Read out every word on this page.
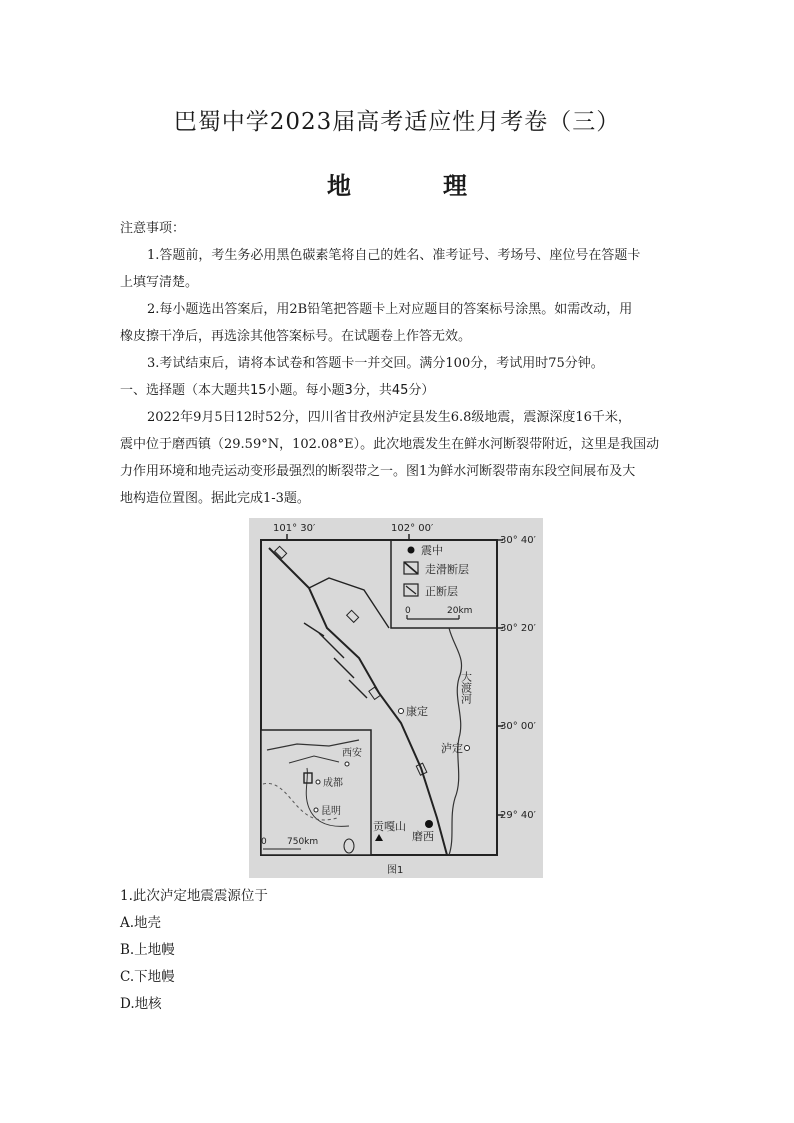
巴蜀中学2023届高考适应性月考卷（三）
地　理
注意事项：
1.答题前，考生务必用黑色碳素笔将自己的姓名、准考证号、考场号、座位号在答题卡
上填写清楚。
2.每小题选出答案后，用2B铅笔把答题卡上对应题目的答案标号涂黑。如需改动，用
橡皮擦干净后，再选涂其他答案标号。在试题卷上作答无效。
3.考试结束后，请将本试卷和答题卡一并交回。满分100分，考试用时75分钟。
一、选择题（本大题共15小题。每小题3分，共45分）
2022年9月5日12时52分，四川省甘孜州泸定县发生6.8级地震，震源深度16千米，
震中位于磨西镇（29.59°N，102.08°E）。此次地震发生在鲜水河断裂带附近，这里是我国动
力作用环境和地壳运动变形最强烈的断裂带之一。图1为鲜水河断裂带南东段空间展布及大
地构造位置图。据此完成1-3题。
101° 30′	102° 00′
30° 40′
30° 20′
30° 00′
29° 40′
震中
走滑断层
正断层
0	20km
大渡河
康定
泸定
磨西
贡嘎山
西安
成都
昆明
0 750km
图1
1.此次泸定地震震源位于
A.地壳
B.上地幔
C.下地幔
D.地核
